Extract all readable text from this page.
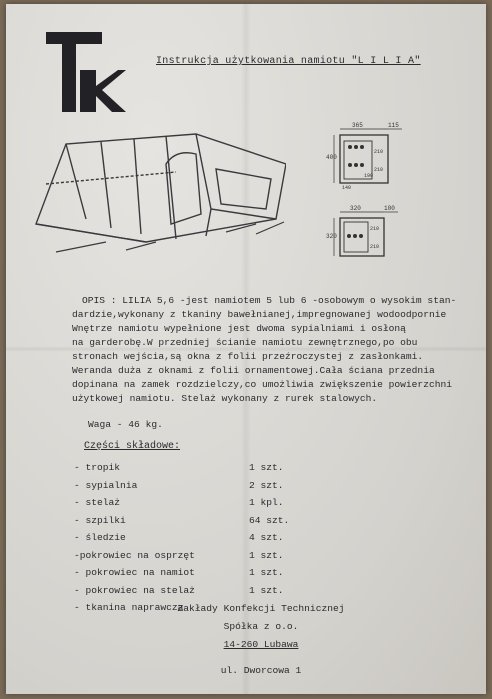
Instrukcja użytkowania namiotu "L I L I A"
365	115
400
210
210
190
140
320	100
320
210
210
OPIS : LILIA 5,6 -jest namiotem 5 lub 6 -osobowym o wysokim stan-
dardzie,wykonany z tkaniny bawełnianej,impregnowanej wodoodpornie
Wnętrze namiotu wypełnione jest dwoma sypialniami i osłoną
na garderobę.W przedniej ścianie namiotu zewnętrznego,po obu
stronach wejścia,są okna z folii przeźroczystej z zasłonkami.
Weranda duża z oknami z folii ornamentowej.Cała ściana przednia
dopinana na zamek rozdzielczy,co umożliwia zwiększenie powierzchni
użytkowej namiotu. Stelaż wykonany z rurek stalowych.
Waga - 46 kg.
Części składowe:
- tropik	1 szt.
- sypialnia	2 szt.
- stelaż	1 kpl.
- szpilki	64 szt.
- śledzie	4 szt.
-pokrowiec na osprzęt	1 szt.
- pokrowiec na namiot	1 szt.
- pokrowiec na stelaż	1 szt.
- tkanina naprawcza
Zakłady Konfekcji Technicznej
Spółka z o.o.
14-260 Lubawa
ul. Dworcowa 1
